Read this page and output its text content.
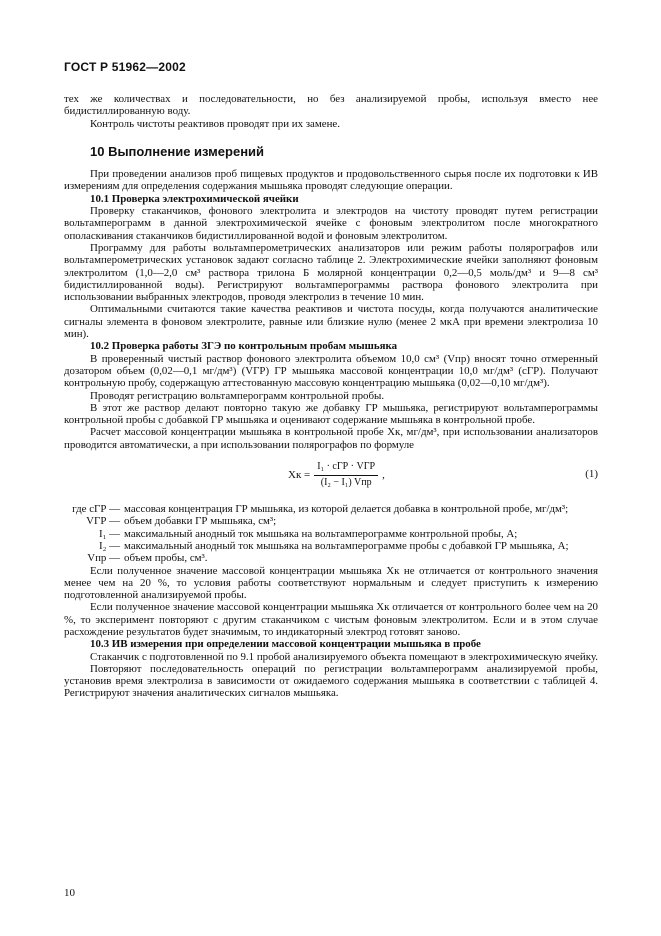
ГОСТ Р 51962—2002

тех же количествах и последовательности, но без анализируемой пробы, используя вместо нее бидистиллированную воду.

Контроль чистоты реактивов проводят при их замене.

10 Выполнение измерений

При проведении анализов проб пищевых продуктов и продовольственного сырья после их подготовки к ИВ измерениям для определения содержания мышьяка проводят следующие операции.

10.1 Проверка электрохимической ячейки

Проверку стаканчиков, фонового электролита и электродов на чистоту проводят путем регистрации вольтамперограмм в данной электрохимической ячейке с фоновым электролитом после многократного ополаскивания стаканчиков бидистиллированной водой и фоновым электролитом.

Программу для работы вольтамперометрических анализаторов или режим работы полярографов или вольтамперометрических установок задают согласно таблице 2. Электрохимические ячейки заполняют фоновым электролитом (1,0—2,0 см³ раствора трилона Б молярной концентрации 0,2—0,5 моль/дм³ и 9—8 см³ бидистиллированной воды). Регистрируют вольтамперограммы раствора фонового электролита при использовании выбранных электродов, проводя электролиз в течение 10 мин.

Оптимальными считаются такие качества реактивов и чистота посуды, когда получаются аналитические сигналы элемента в фоновом электролите, равные или близкие нулю (менее 2 мкА при времени электролиза 10 мин).

10.2 Проверка работы ЗГЭ по контрольным пробам мышьяка

В проверенный чистый раствор фонового электролита объемом 10,0 см³ (Vпр) вносят точно отмеренный дозатором объем (0,02—0,1 мг/дм³) (VГР) ГР мышьяка массовой концентрации 10,0 мг/дм³ (cГР). Получают контрольную пробу, содержащую аттестованную массовую концентрацию мышьяка (0,02—0,10 мг/дм³).

Проводят регистрацию вольтамперограмм контрольной пробы.

В этот же раствор делают повторно такую же добавку ГР мышьяка, регистрируют вольтамперограммы контрольной пробы с добавкой ГР мышьяка и оценивают содержание мышьяка в контрольной пробе.

Расчет массовой концентрации мышьяка в контрольной пробе Xк, мг/дм³, при использовании анализаторов проводится автоматически, а при использовании полярографов по формуле

Xк = $\frac{\text{I₁ · cГР · VГР}}{\text{(I₂ − I₁) Vпр}}$ ,	(1)
где cГР — массовая концентрация ГР мышьяка, из которой делается добавка в контрольной пробе, мг/дм³;
VГР — объем добавки ГР мышьяка, см³;
I₁ — максимальный анодный ток мышьяка на вольтамперограмме контрольной пробы, А;
I₂ — максимальный анодный ток мышьяка на вольтамперограмме пробы с добавкой ГР мышьяка, А;
Vпр — объем пробы, см³.

Если полученное значение массовой концентрации мышьяка Xк не отличается от контрольного значения менее чем на 20 %, то условия работы соответствуют нормальным и следует приступить к измерению подготовленной анализируемой пробы.

Если полученное значение массовой концентрации мышьяка Xк отличается от контрольного более чем на 20 %, то эксперимент повторяют с другим стаканчиком с чистым фоновым электролитом. Если и в этом случае расхождение результатов будет значимым, то индикаторный электрод готовят заново.

10.3 ИВ измерения при определении массовой концентрации мышьяка в пробе

Стаканчик с подготовленной по 9.1 пробой анализируемого объекта помещают в электрохимическую ячейку.

Повторяют последовательность операций по регистрации вольтамперограмм анализируемой пробы, установив время электролиза в зависимости от ожидаемого содержания мышьяка в соответствии с таблицей 4. Регистрируют значения аналитических сигналов мышьяка.

10
